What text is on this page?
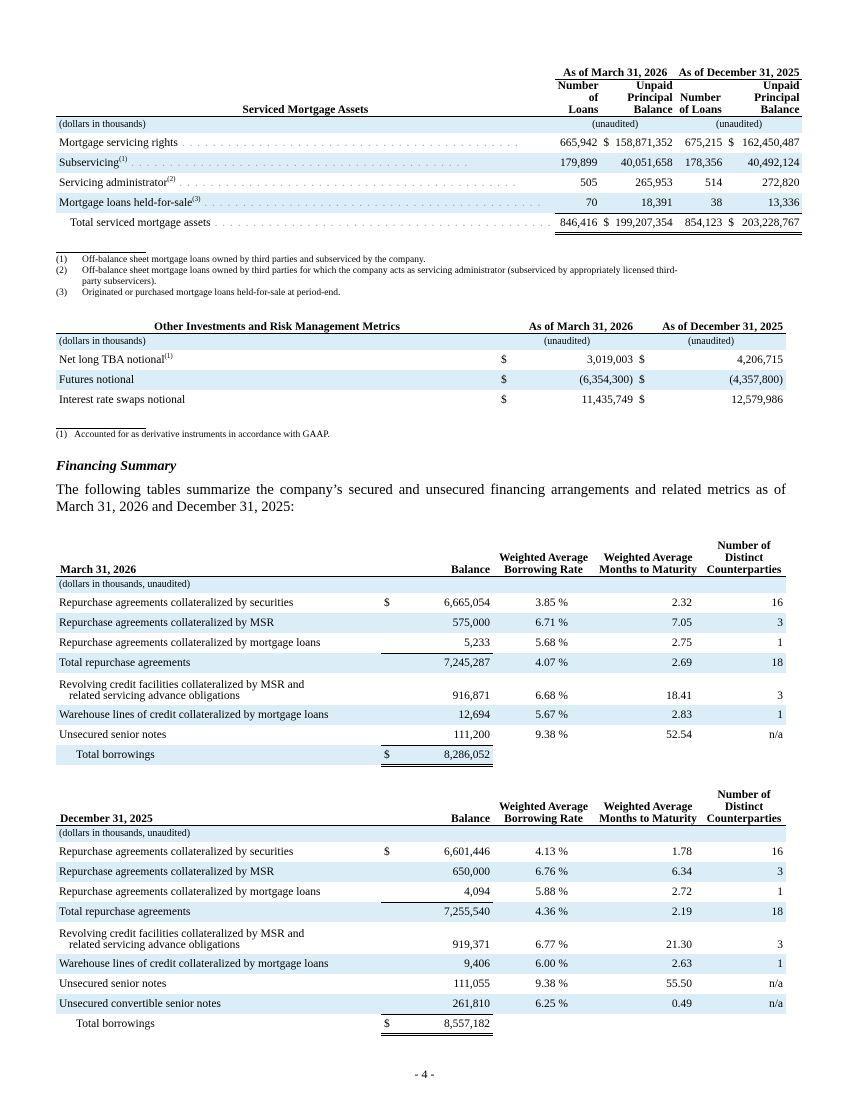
	As of March 31, 2026			As of December 31, 2025		
Serviced Mortgage Assets	Number of Loans	Unpaid Principal Balance		Number of Loans	Unpaid Principal Balance	
(dollars in thousands)	(unaudited)			(unaudited)		
Mortgage servicing rights . . .	665,942	$	158,871,352	675,215	$	162,450,487
Subservicing$^{(1)}$ . . .	179,899		40,051,658	178,356		40,492,124
Servicing administrator$^{(2)}$ . . .	505		265,953	514		272,820
Mortgage loans held-for-sale$^{(3)}$ . . .	70		18,391	38		13,336
Total serviced mortgage assets . . .	846,416	$	199,207,354	854,123	$	203,228,767
(1) Off-balance sheet mortgage loans owned by third parties and subserviced by the company.
(2) Off-balance sheet mortgage loans owned by third parties for which the company acts as servicing administrator (subserviced by appropriately licensed third-
party subservicers).
(3) Originated or purchased mortgage loans held-for-sale at period-end.
Other Investments and Risk Management Metrics	As of March 31, 2026		As of December 31, 2025	
(dollars in thousands)	(unaudited)		(unaudited)	
Net long TBA notional$^{(1)}$	$	3,019,003	$	4,206,715
Futures notional	$	(6,354,300)	$	(4,357,800)
Interest rate swaps notional	$	11,435,749	$	12,579,986
(1) Accounted for as derivative instruments in accordance with GAAP.
Financing Summary
The following tables summarize the company’s secured and unsecured financing arrangements and related metrics as of March 31, 2026 and December 31, 2025:
March 31, 2026	Balance		Weighted Average Borrowing Rate	Weighted Average Months to Maturity	Number of Distinct Counterparties
(dollars in thousands, unaudited)					
Repurchase agreements collateralized by securities	$	6,665,054	3.85 %	2.32	16
Repurchase agreements collateralized by MSR		575,000	6.71 %	7.05	3
Repurchase agreements collateralized by mortgage loans		5,233	5.68 %	2.75	1
Total repurchase agreements		7,245,287	4.07 %	2.69	18
Revolving credit facilities collateralized by MSR and
related servicing advance obligations		916,871	6.68 %	18.41	3
Warehouse lines of credit collateralized by mortgage loans		12,694	5.67 %	2.83	1
Unsecured senior notes		111,200	9.38 %	52.54	n/a
Total borrowings	$	8,286,052			
December 31, 2025	Balance		Weighted Average Borrowing Rate	Weighted Average Months to Maturity	Number of Distinct Counterparties
(dollars in thousands, unaudited)					
Repurchase agreements collateralized by securities	$	6,601,446	4.13 %	1.78	16
Repurchase agreements collateralized by MSR		650,000	6.76 %	6.34	3
Repurchase agreements collateralized by mortgage loans		4,094	5.88 %	2.72	1
Total repurchase agreements		7,255,540	4.36 %	2.19	18
Revolving credit facilities collateralized by MSR and
related servicing advance obligations		919,371	6.77 %	21.30	3
Warehouse lines of credit collateralized by mortgage loans		9,406	6.00 %	2.63	1
Unsecured senior notes		111,055	9.38 %	55.50	n/a
Unsecured convertible senior notes		261,810	6.25 %	0.49	n/a
Total borrowings	$	8,557,182			
- 4 -
